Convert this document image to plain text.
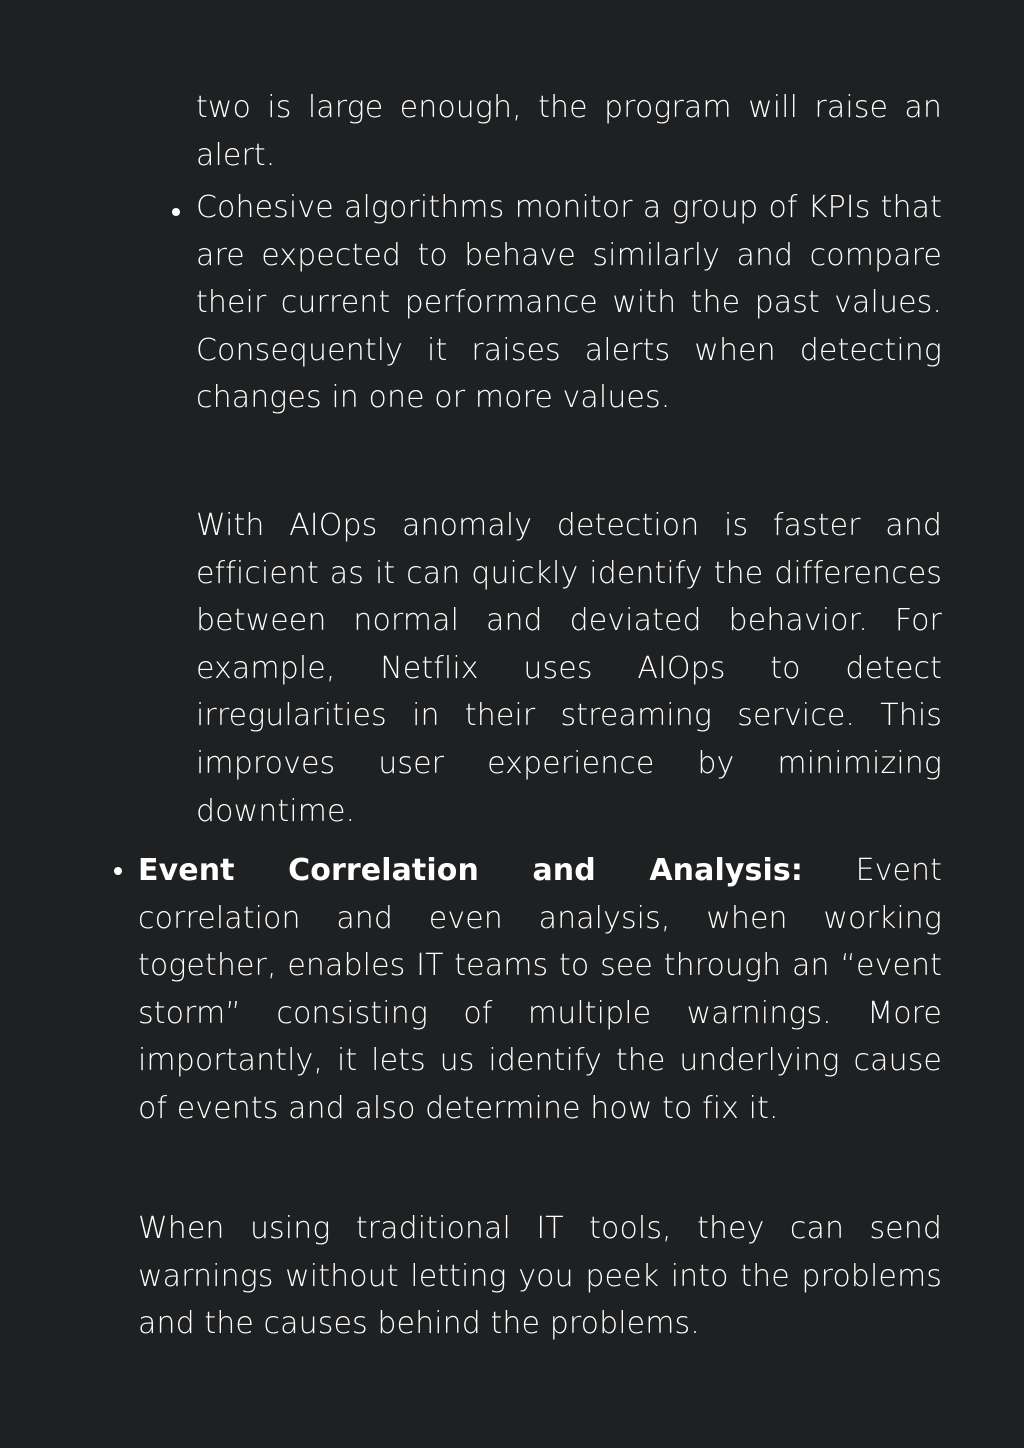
two is large enough, the program will raise an alert.

Cohesive algorithms monitor a group of KPIs that are expected to behave similarly and compare their current performance with the past values. Consequently it raises alerts when detecting changes in one or more values.

With AIOps anomaly detection is faster and efficient as it can quickly identify the differences between normal and deviated behavior. For example, Netflix uses AIOps to detect irregularities in their streaming service. This improves user experience by minimizing downtime.

Event Correlation and Analysis: Event correlation and even analysis, when working together, enables IT teams to see through an “event storm” consisting of multiple warnings. More importantly, it lets us identify the underlying cause of events and also determine how to fix it.

When using traditional IT tools, they can send warnings without letting you peek into the problems and the causes behind the problems.
